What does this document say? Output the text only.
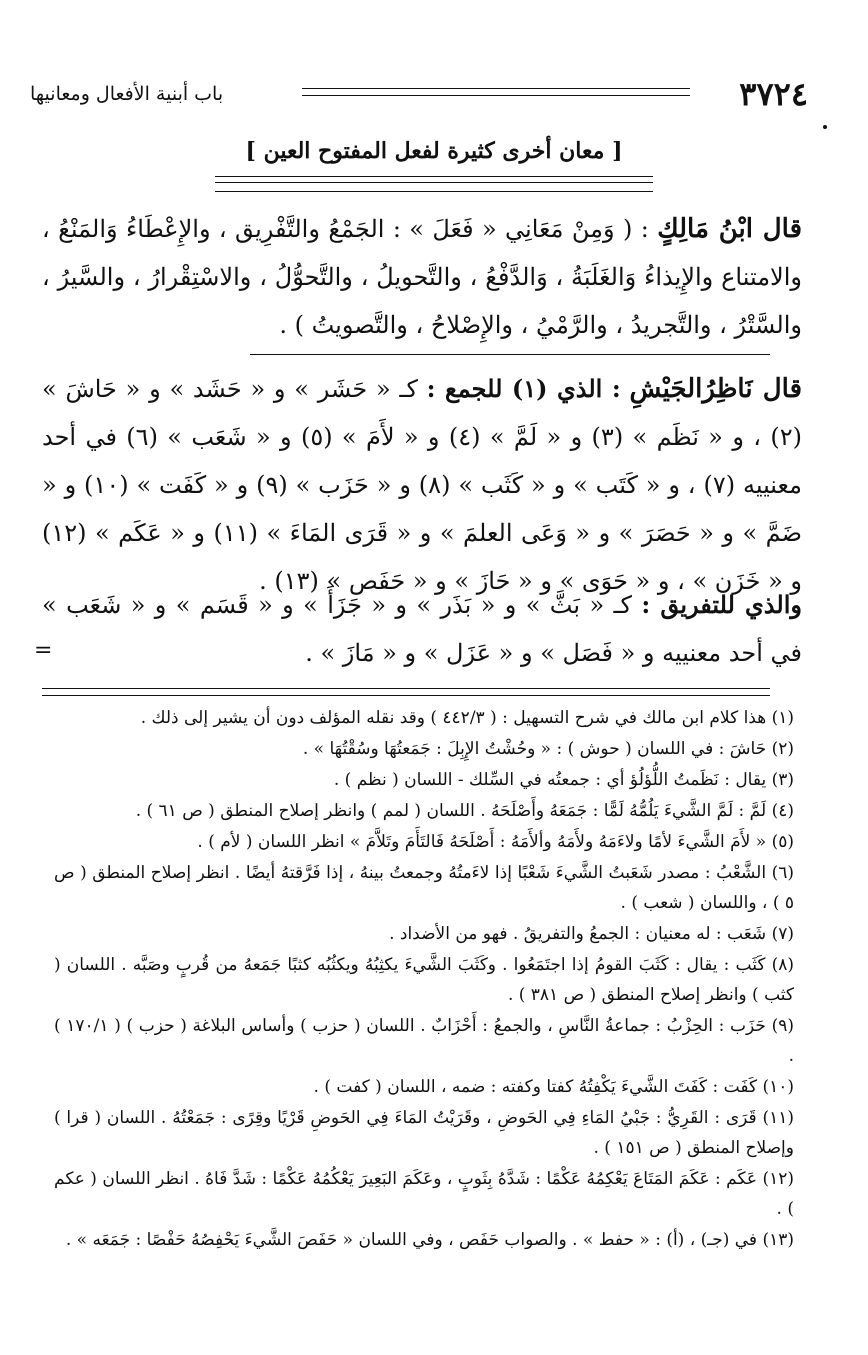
٣٧٢٤
باب أبنية الأفعال ومعانيها
[ معان أخرى كثيرة لفعل المفتوح العين ]

قال ابْنُ مَالِكٍ : ( وَمِنْ مَعَانِي « فَعَلَ » : الجَمْعُ والتَّفْرِيق ، والإِعْطَاءُ وَالمَنْعُ ، والامتناع والإِيذاءُ وَالغَلَبَةُ ، وَالدَّفْعُ ، والتَّحويلُ ، والتَّحوُّلُ ، والاسْتِقْرارُ ، والسَّيرُ ، والسَّتْرُ ، والتَّجريدُ ، والرَّمْيُ ، والإِصْلاحُ ، والتَّصويتُ ) .

قال نَاظِرُالجَيْشِ : الذي (١) للجمع : كـ « حَشَر » و « حَشَد » و « حَاشَ » (٢) ، و « نَظَم » (٣) و « لَمَّ » (٤) و « لأَمَ » (٥) و « شَعَب » (٦) في أحد معنييه (٧) ، و « كَتَب » و « كَثَب » (٨) و « حَزَب » (٩) و « كَفَت » (١٠) و « ضَمَّ » و « حَصَرَ » و « وَعَى العلمَ » و « قَرَى المَاءَ » (١١) و « عَكَم » (١٢) و « خَزَن » ، و « حَوَى » و « حَازَ » و « حَفَص » (١٣) .

والذي للتفريق : كـ « بَثَّ » و « بَذَر » و « جَزَأَ » و « قَسَم » و « شَعَب » في أحد معنييه و « فَصَل » و « عَزَل » و « مَازَ » .

=

(١) هذا كلام ابن مالك في شرح التسهيل : ( ٤٤٢/٣ ) وقد نقله المؤلف دون أن يشير إلى ذلك .

(٢) حَاشَ : في اللسان ( حوش ) : « وحُشْتُ الإِبِلَ : جَمَعتُهَا وسُقْتُهَا » .

(٣) يقال : نَظَمتُ اللُّؤلُؤ أي : جمعتُه في السِّلك - اللسان ( نظم ) .

(٤) لَمَّ : لَمَّ الشَّيءَ يَلُمُّهُ لَمًّا : جَمَعَهُ وأَصْلَحَهُ . اللسان ( لمم ) وانظر إصلاح المنطق ( ص ٦١ ) .

(٥) « لأَمَ الشَّيءَ لأمًا ولاءَمَهُ ولأَمَهُ وألأَمَهُ : أَصْلَحَهُ فَالتَأَمَ وتَلاَّمَ » انظر اللسان ( لأم ) .

(٦) الشَّعْبُ : مصدر شَعَبتُ الشَّيءَ شَعْبًا إذا لاءَمتُهُ وجمعتُ بينهُ ، إذا فَرَّقتهُ أيضًا . انظر إصلاح المنطق ( ص ٥ ) ، واللسان ( شعب ) .

(٧) شَعَب : له معنيان : الجمعُ والتفريقُ . فهو من الأضداد .

(٨) كَثَب : يقال : كَثَبَ القومُ إذا اجتَمَعُوا . وكَثَبَ الشَّيءَ يكثِبُهُ ويكثُبُه كثبًا جَمَعهُ من قُربٍ وصَبَّه . اللسان ( كثب ) وانظر إصلاح المنطق ( ص ٣٨١ ) .

(٩) حَزَب : الحِزْبُ : جماعةُ النَّاسِ ، والجمعُ : أَحْزَابٌ . اللسان ( حزب ) وأساس البلاغة ( حزب ) ( ١٧٠/١ ) .

(١٠) كَفَت : كَفَتَ الشَّيءَ يَكْفِتُهُ كفتا وكفته : ضمه ، اللسان ( كفت ) .

(١١) قَرَى : القَرِيُّ : جَبْيُ المَاءِ فِي الحَوضِ ، وقَرَيْتُ المَاءَ فِي الحَوضِ قَرْيًا وقِرًى : جَمَعْتُهُ . اللسان ( قرا ) وإصلاح المنطق ( ص ١٥١ ) .

(١٢) عَكَم : عَكَمَ المَتَاعَ يَعْكِمُهُ عَكْمًا : شَدَّهُ بِثَوبٍ ، وعَكَمَ البَعِيرَ يَعْكُمُهُ عَكْمًا : شَدَّ فَاهُ . انظر اللسان ( عكم ) .

(١٣) في (جـ) ، (أ) : « حفط » . والصواب حَفَص ، وفي اللسان « حَفَصَ الشَّيءَ يَحْفِصُهُ حَفْصًا : جَمَعَه » .
